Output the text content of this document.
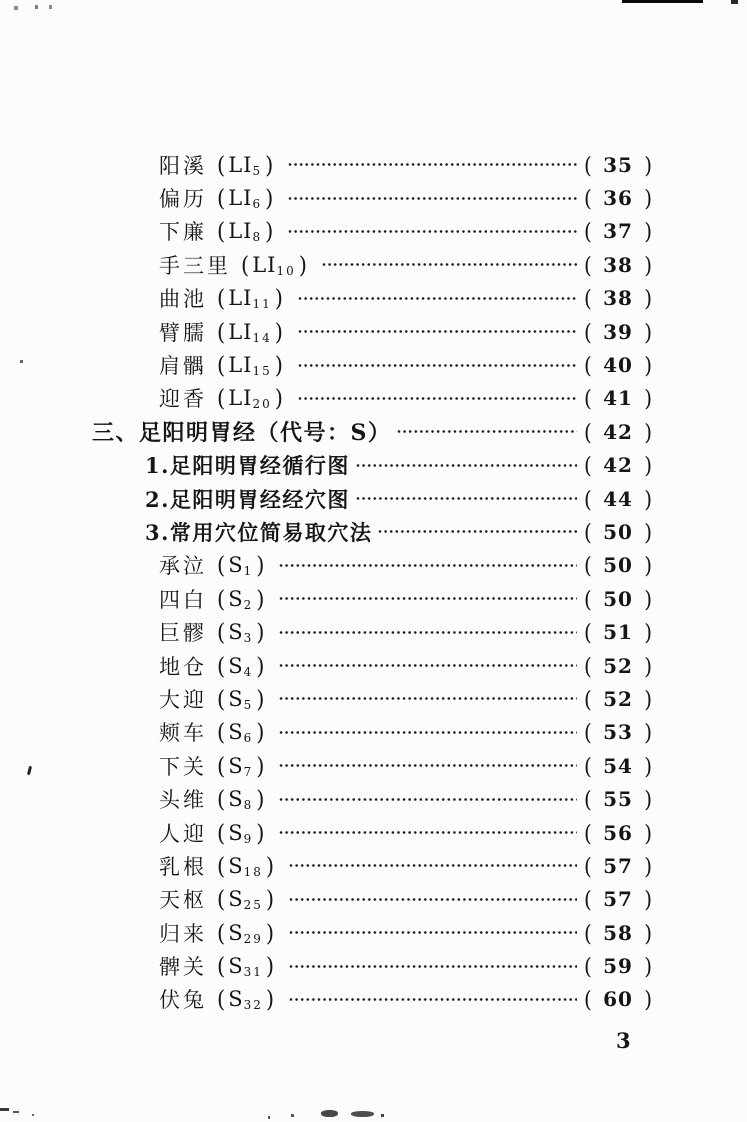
阳溪 ( LI 5 )	( 35 )
偏历 ( LI 6 )	( 36 )
下廉 ( LI 8 )	( 37 )
手三里 ( LI 10 )	( 38 )
曲池 ( LI 11 )	( 38 )
臂臑 ( LI 14 )	( 39 )
肩髃 ( LI 15 )	( 40 )
迎香 ( LI 20 )	( 41 )
三、足阳明胃经（代号：S）	( 42 )
1.足阳明胃经循行图	( 42 )
2.足阳明胃经经穴图	( 44 )
3.常用穴位简易取穴法	( 50 )
承泣 ( S 1 )	( 50 )
四白 ( S 2 )	( 50 )
巨髎 ( S 3 )	( 51 )
地仓 ( S 4 )	( 52 )
大迎 ( S 5 )	( 52 )
颊车 ( S 6 )	( 53 )
下关 ( S 7 )	( 54 )
头维 ( S 8 )	( 55 )
人迎 ( S 9 )	( 56 )
乳根 ( S 18 )	( 57 )
天枢 ( S 25 )	( 57 )
归来 ( S 29 )	( 58 )
髀关 ( S 31 )	( 59 )
伏兔 ( S 32 )	( 60 )
3
